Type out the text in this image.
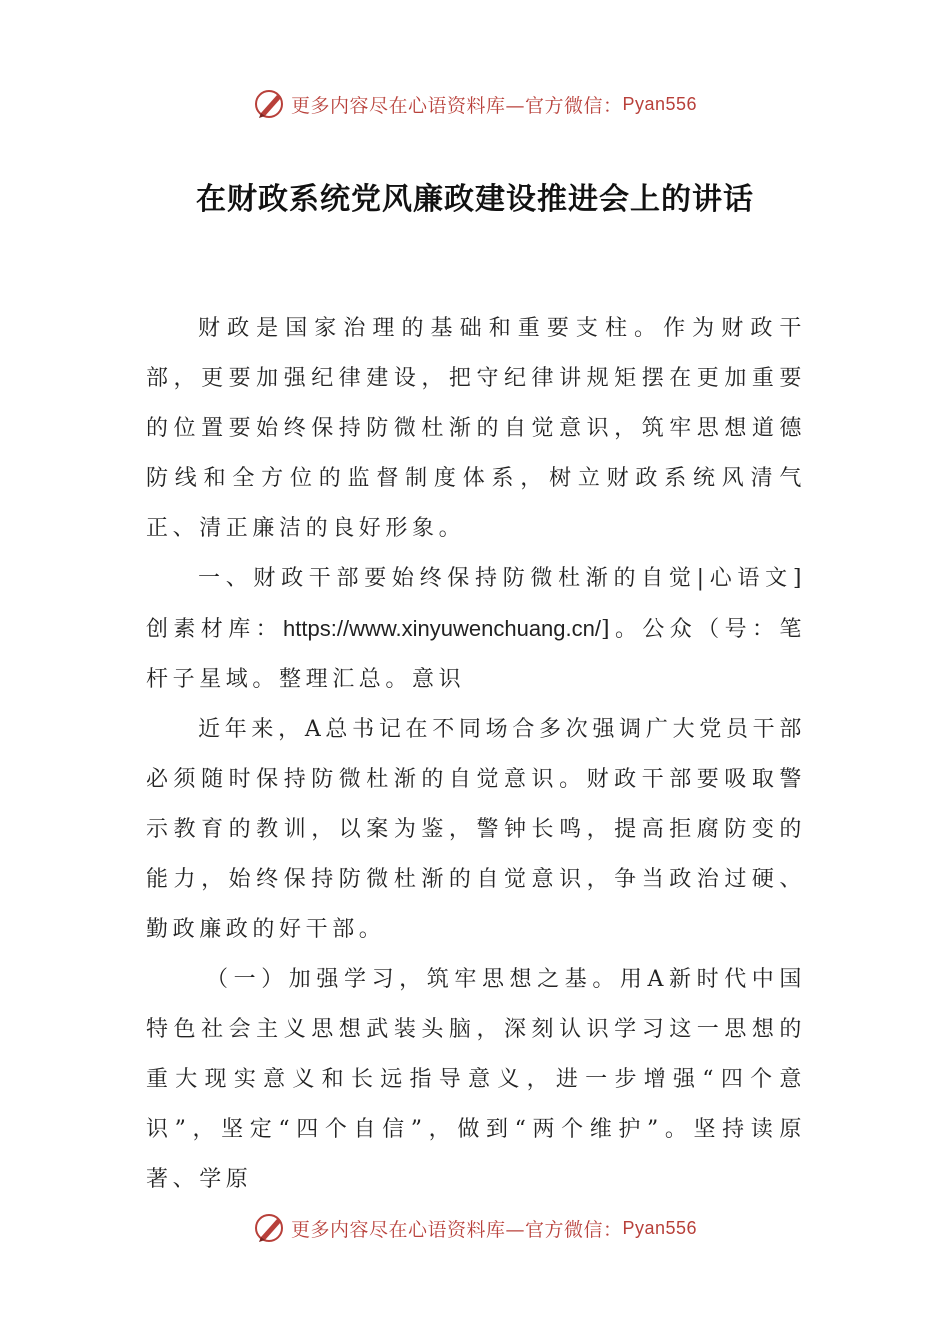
更多内容尽在心语资料库—官方微信： Pyan556
在财政系统党风廉政建设推进会上的讲话

财政是国家治理的基础和重要支柱。作为财政干部，更要加强纪律建设，把守纪律讲规矩摆在更加重要的位置要始终保持防微杜渐的自觉意识，筑牢思想道德防线和全方位的监督制度体系，树立财政系统风清气正、清正廉洁的良好形象。

一、财政干部要始终保持防微杜渐的自觉|心语文]创素材库：https://www.xinyuwenchuang.cn/]。公众（号：笔杆子星域。整理汇总。意识

近年来，A总书记在不同场合多次强调广大党员干部必须随时保持防微杜渐的自觉意识。财政干部要吸取警示教育的教训，以案为鉴，警钟长鸣，提高拒腐防变的能力，始终保持防微杜渐的自觉意识，争当政治过硬、勤政廉政的好干部。

（一）加强学习，筑牢思想之基。用A新时代中国特色社会主义思想武装头脑，深刻认识学习这一思想的重大现实意义和长远指导意义，进一步增强“四个意识”，坚定“四个自信”，做到“两个维护”。坚持读原著、学原

更多内容尽在心语资料库—官方微信： Pyan556
